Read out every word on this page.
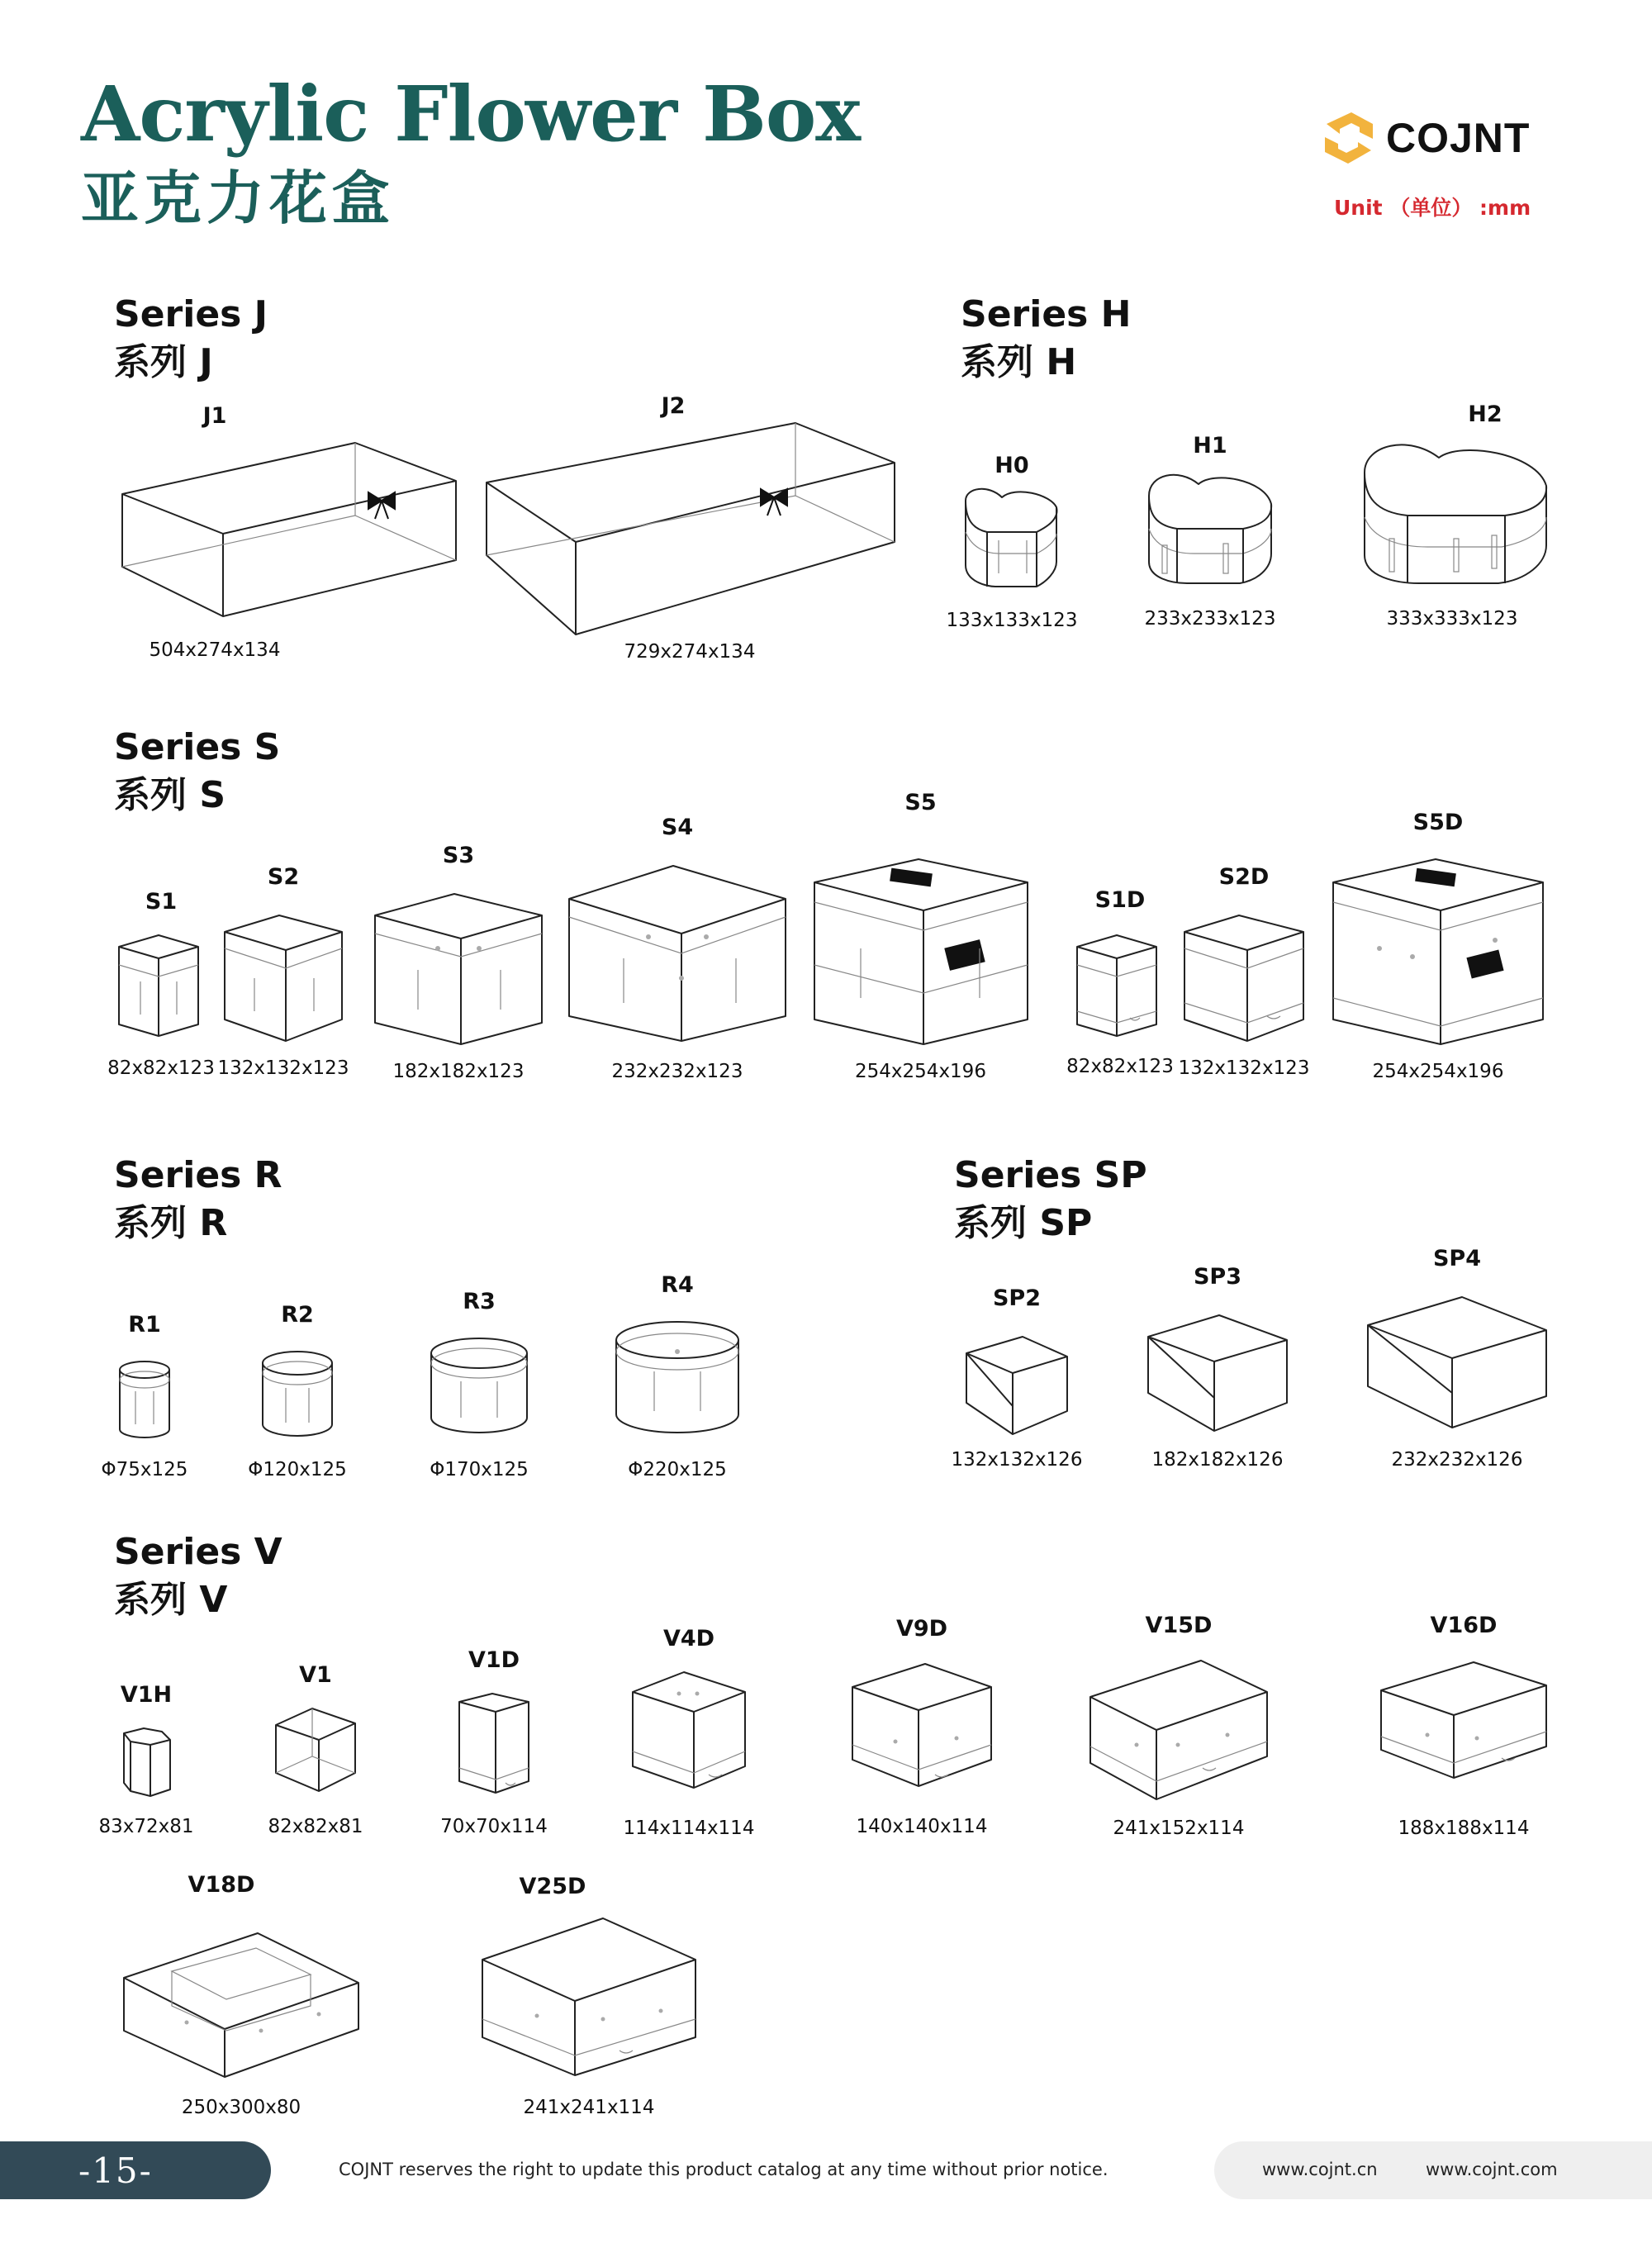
Acrylic Flower Box
亚克力花盒
COJNT
Unit （单位） :mm
Series J
系列 J
J1
504x274x134
J2
729x274x134
Series H
系列 H
H0
133x133x123
H1
233x233x123
H2
333x333x123
Series S
系列 S
S1
82x82x123
S2
132x132x123
S3
182x182x123
S4
232x232x123
S5
254x254x196
S1D
82x82x123
S2D
132x132x123
S5D
254x254x196
Series R
系列 R
R1
Φ75x125
R2
Φ120x125
R3
Φ170x125
R4
Φ220x125
Series SP
系列 SP
SP2
132x132x126
SP3
182x182x126
SP4
232x232x126
Series V
系列 V
V1H
83x72x81
V1
82x82x81
V1D
70x70x114
V4D
114x114x114
V9D
140x140x114
V15D
241x152x114
V16D
188x188x114
V18D
250x300x80
V25D
241x241x114
-15-	COJNT reserves the right to update this product catalog at any time without prior notice.	www.cojnt.cn	www.cojnt.com
